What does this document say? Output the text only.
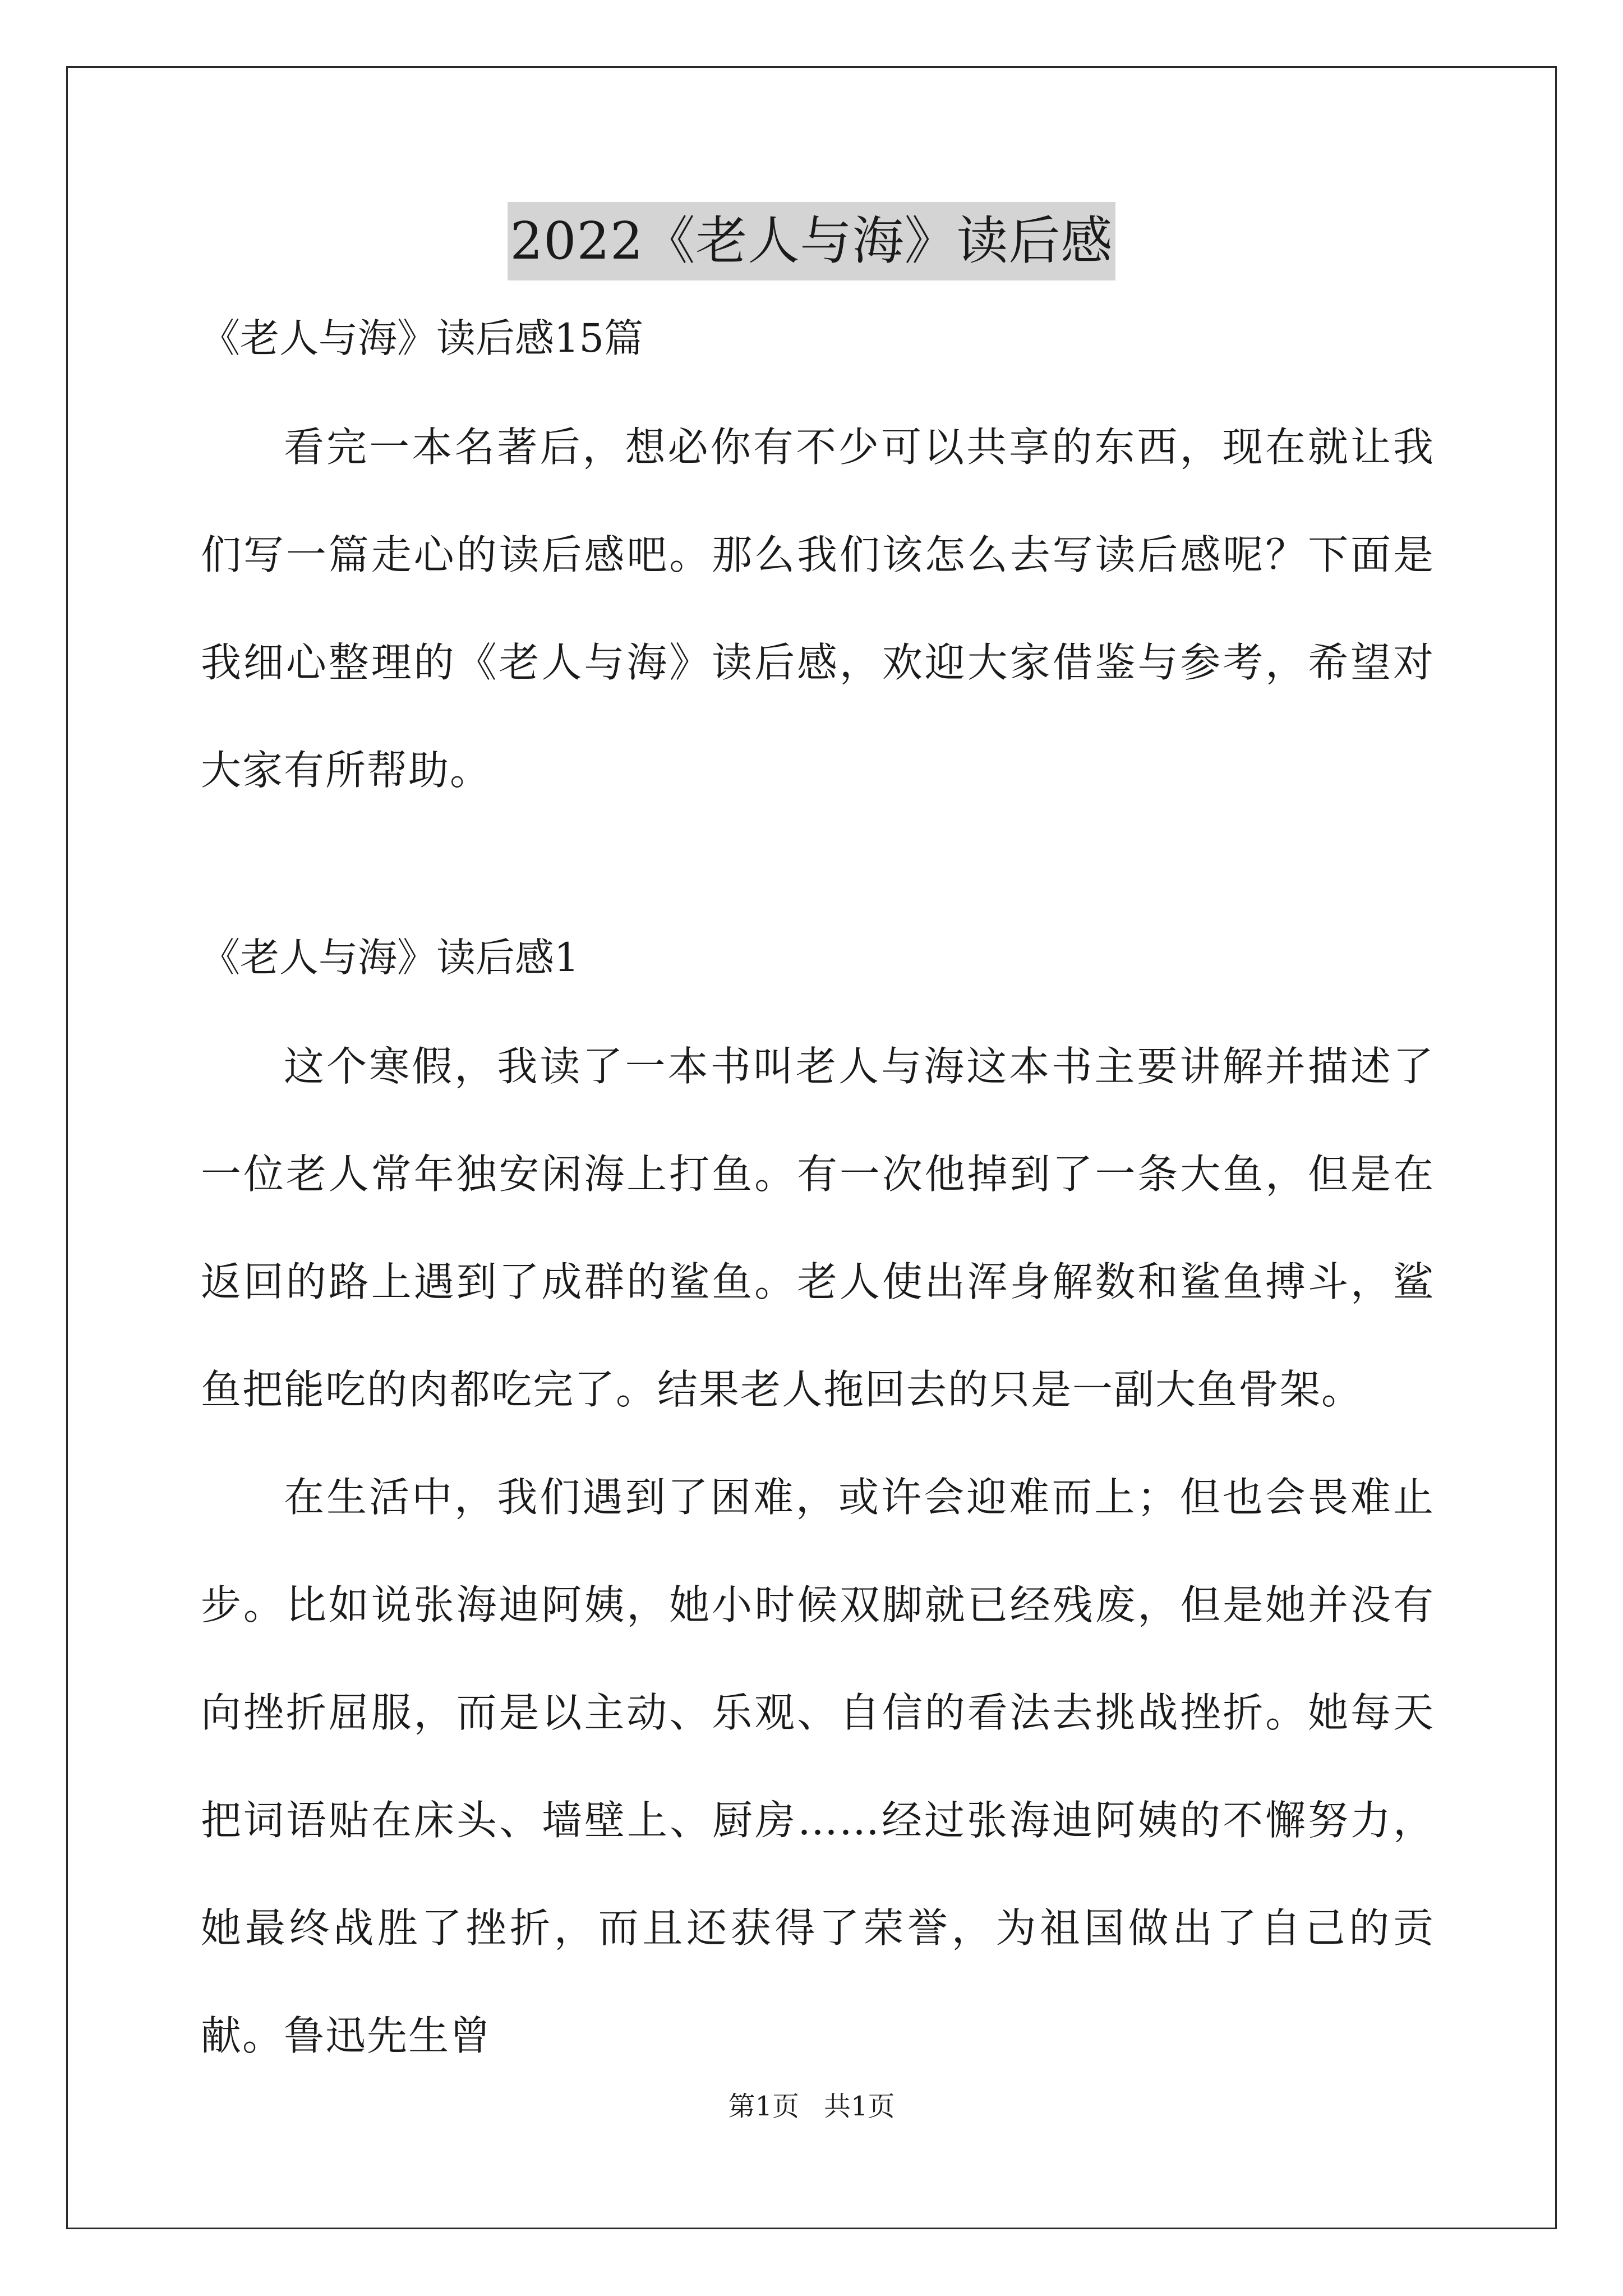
2022《老人与海》读后感

《老人与海》读后感15篇

看完一本名著后，想必你有不少可以共享的东西，现在就让我们写一篇走心的读后感吧。那么我们该怎么去写读后感呢？下面是我细心整理的《老人与海》读后感，欢迎大家借鉴与参考，希望对大家有所帮助。

《老人与海》读后感1

这个寒假，我读了一本书叫老人与海这本书主要讲解并描述了一位老人常年独安闲海上打鱼。有一次他掉到了一条大鱼，但是在返回的路上遇到了成群的鲨鱼。老人使出浑身解数和鲨鱼搏斗，鲨鱼把能吃的肉都吃完了。结果老人拖回去的只是一副大鱼骨架。

在生活中，我们遇到了困难，或许会迎难而上；但也会畏难止步。比如说张海迪阿姨，她小时候双脚就已经残废，但是她并没有向挫折屈服，而是以主动、乐观、自信的看法去挑战挫折。她每天把词语贴在床头、墙壁上、厨房……经过张海迪阿姨的不懈努力，她最终战胜了挫折，而且还获得了荣誉，为祖国做出了自己的贡献。鲁迅先生曾

第1页 共1页
